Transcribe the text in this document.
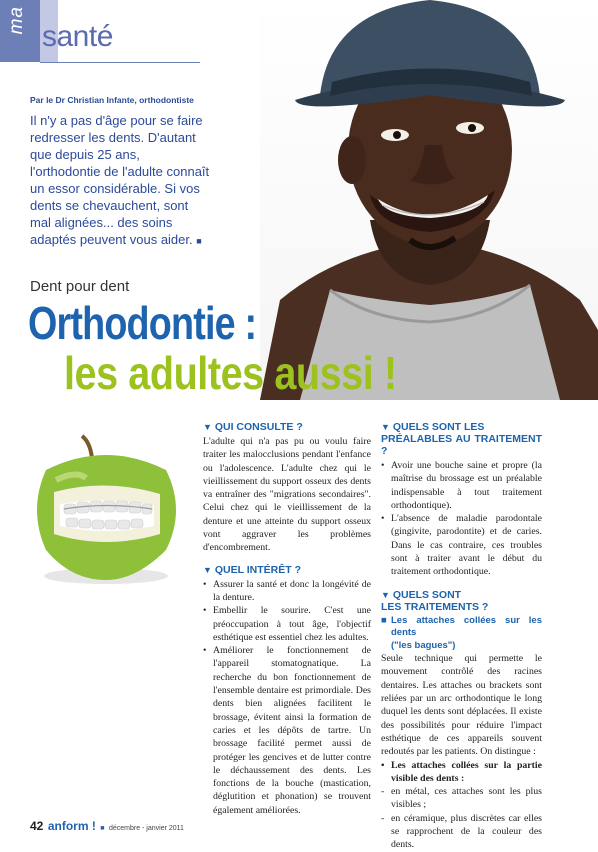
ma santé
Par le Dr Christian Infante, orthodontiste
Il n'y a pas d'âge pour se faire redresser les dents. D'autant que depuis 25 ans, l'orthodontie de l'adulte connaît un essor considérable. Si vos dents se chevauchent, sont mal alignées... des soins adaptés peuvent vous aider. ■
Dent pour dent
Orthodontie :
les adultes aussi !
▼ QUI CONSULTE ?

L'adulte qui n'a pas pu ou voulu faire traiter les malocclusions pendant l'enfance ou l'adolescence. L'adulte chez qui le vieillissement du support osseux des dents va entraîner des "migrations secondaires". Celui chez qui le vieillissement de la denture et une atteinte du support osseux vont aggraver les problèmes d'encombrement.

▼ QUEL INTÉRÊT ?
• Assurer la santé et donc la longévité de la denture.
• Embellir le sourire. C'est une préoccupation à tout âge, l'objectif esthétique est essentiel chez les adultes.
• Améliorer le fonctionnement de l'appareil stomatognatique. La recherche du bon fonctionnement de l'ensemble dentaire est primordiale. Des dents bien alignées facilitent le brossage, évitent ainsi la formation de caries et les dépôts de tartre. Un brossage facilité permet aussi de protéger les gencives et de lutter contre le déchaussement des dents. Les fonctions de la bouche (mastication, déglutition et phonation) se trouvent également améliorées.
▼ QUELS SONT LES
PRÉALABLES AU TRAITEMENT ?
• Avoir une bouche saine et propre (la maîtrise du brossage est un préalable indispensable à tout traitement orthodontique).
• L'absence de maladie parodontale (gingivite, parodontite) et de caries. Dans le cas contraire, ces troubles sont à traiter avant le début du traitement orthodontique.
▼ QUELS SONT
LES TRAITEMENTS ?
■ Les attaches collées sur les dents
("les bagues")

Seule technique qui permette le mouvement contrôlé des racines dentaires. Les attaches ou brackets sont reliées par un arc orthodontique le long duquel les dents sont déplacées. Il existe des possibilités pour réduire l'impact esthétique de ces appareils souvent redoutés par les patients. On distingue :

• Les attaches collées sur la partie visible des dents :
- en métal, ces attaches sont les plus visibles ;
- en céramique, plus discrètes car elles se rapprochent de la couleur des dents.
42 anform ! ■ décembre - janvier 2011
